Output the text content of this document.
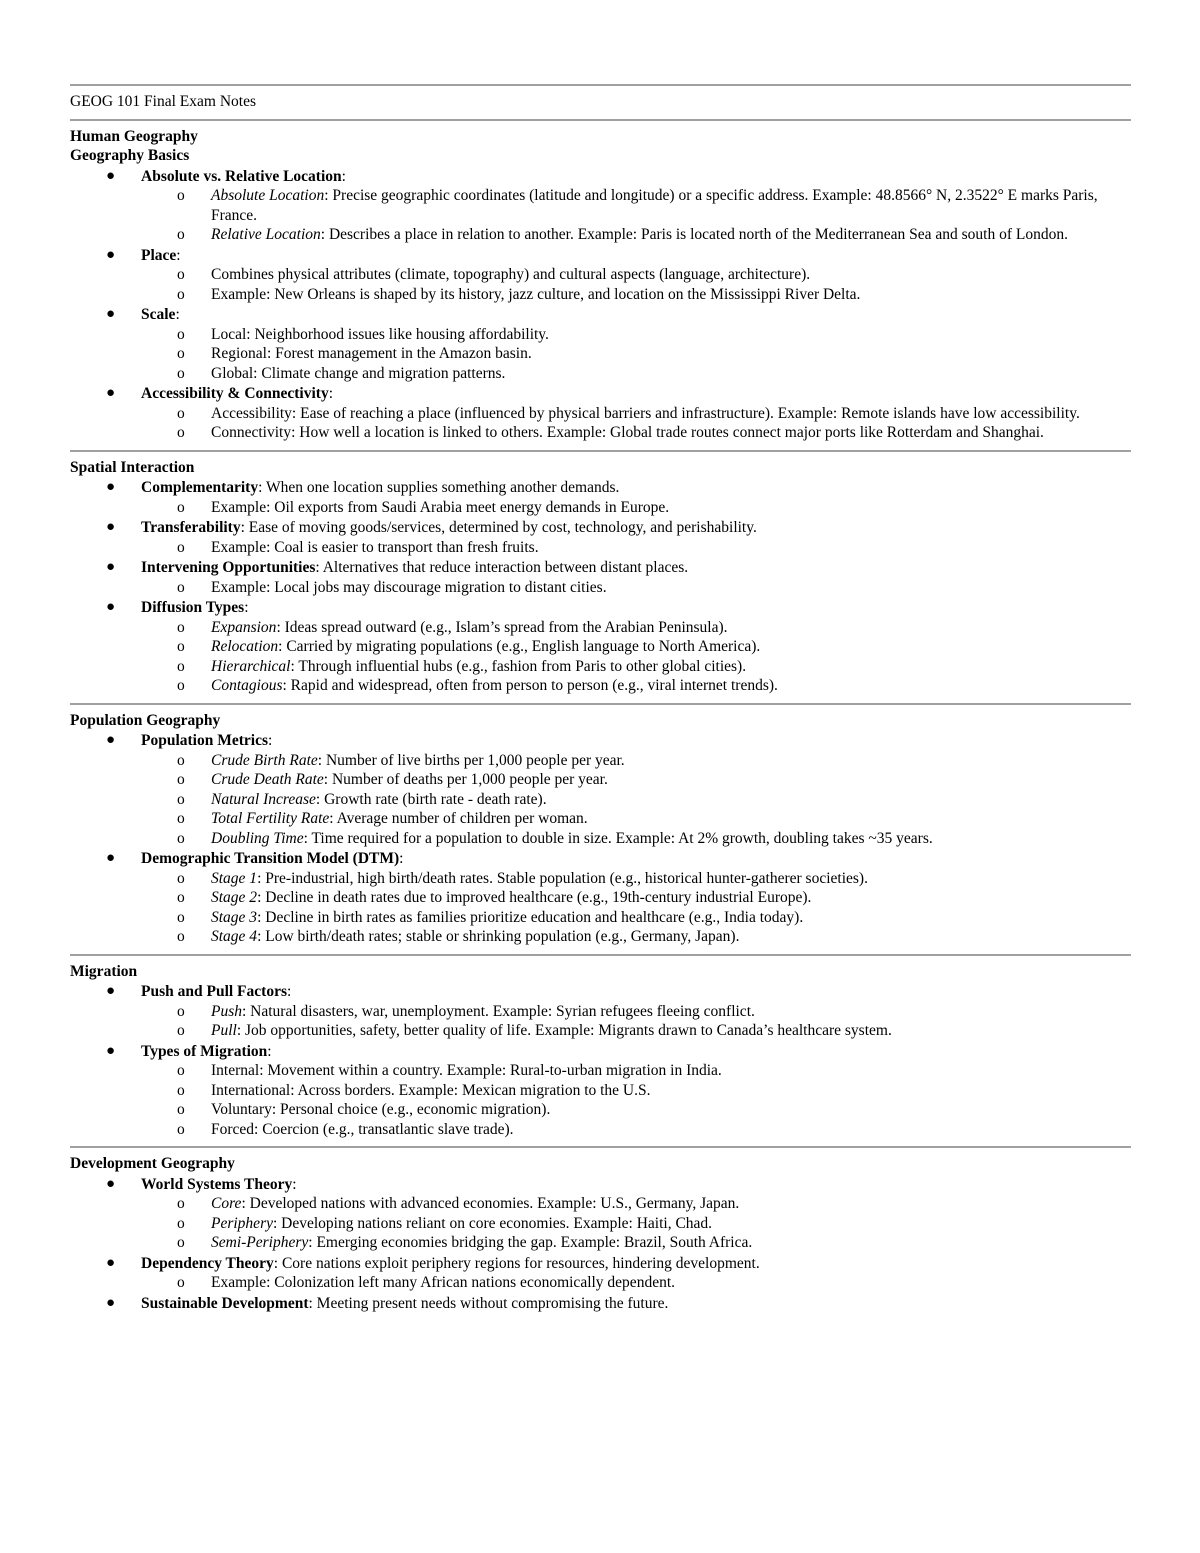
GEOG 101 Final Exam Notes
Human Geography
Geography Basics
● Absolute vs. Relative Location:
o Absolute Location: Precise geographic coordinates (latitude and longitude) or a specific address. Example: 48.8566° N, 2.3522° E marks Paris, France.
o Relative Location: Describes a place in relation to another. Example: Paris is located north of the Mediterranean Sea and south of London.
● Place:
o Combines physical attributes (climate, topography) and cultural aspects (language, architecture).
o Example: New Orleans is shaped by its history, jazz culture, and location on the Mississippi River Delta.
● Scale:
o Local: Neighborhood issues like housing affordability.
o Regional: Forest management in the Amazon basin.
o Global: Climate change and migration patterns.
● Accessibility & Connectivity:
o Accessibility: Ease of reaching a place (influenced by physical barriers and infrastructure). Example: Remote islands have low accessibility.
o Connectivity: How well a location is linked to others. Example: Global trade routes connect major ports like Rotterdam and Shanghai.
Spatial Interaction
● Complementarity: When one location supplies something another demands.
o Example: Oil exports from Saudi Arabia meet energy demands in Europe.
● Transferability: Ease of moving goods/services, determined by cost, technology, and perishability.
o Example: Coal is easier to transport than fresh fruits.
● Intervening Opportunities: Alternatives that reduce interaction between distant places.
o Example: Local jobs may discourage migration to distant cities.
● Diffusion Types:
o Expansion: Ideas spread outward (e.g., Islam’s spread from the Arabian Peninsula).
o Relocation: Carried by migrating populations (e.g., English language to North America).
o Hierarchical: Through influential hubs (e.g., fashion from Paris to other global cities).
o Contagious: Rapid and widespread, often from person to person (e.g., viral internet trends).
Population Geography
● Population Metrics:
o Crude Birth Rate: Number of live births per 1,000 people per year.
o Crude Death Rate: Number of deaths per 1,000 people per year.
o Natural Increase: Growth rate (birth rate - death rate).
o Total Fertility Rate: Average number of children per woman.
o Doubling Time: Time required for a population to double in size. Example: At 2% growth, doubling takes ~35 years.
● Demographic Transition Model (DTM):
o Stage 1: Pre-industrial, high birth/death rates. Stable population (e.g., historical hunter-gatherer societies).
o Stage 2: Decline in death rates due to improved healthcare (e.g., 19th-century industrial Europe).
o Stage 3: Decline in birth rates as families prioritize education and healthcare (e.g., India today).
o Stage 4: Low birth/death rates; stable or shrinking population (e.g., Germany, Japan).
Migration
● Push and Pull Factors:
o Push: Natural disasters, war, unemployment. Example: Syrian refugees fleeing conflict.
o Pull: Job opportunities, safety, better quality of life. Example: Migrants drawn to Canada’s healthcare system.
● Types of Migration:
o Internal: Movement within a country. Example: Rural-to-urban migration in India.
o International: Across borders. Example: Mexican migration to the U.S.
o Voluntary: Personal choice (e.g., economic migration).
o Forced: Coercion (e.g., transatlantic slave trade).
Development Geography
● World Systems Theory:
o Core: Developed nations with advanced economies. Example: U.S., Germany, Japan.
o Periphery: Developing nations reliant on core economies. Example: Haiti, Chad.
o Semi-Periphery: Emerging economies bridging the gap. Example: Brazil, South Africa.
● Dependency Theory: Core nations exploit periphery regions for resources, hindering development.
o Example: Colonization left many African nations economically dependent.
● Sustainable Development: Meeting present needs without compromising the future.
